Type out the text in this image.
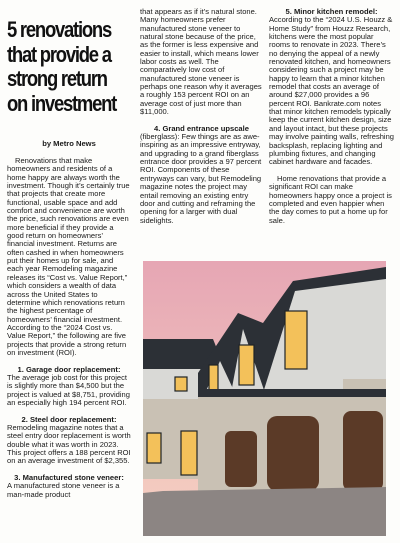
5 renovations
that provide a
strong return
on investment
by Metro News

Renovations that make homeowners and residents of a home happy are always worth the investment. Though it’s certainly true that projects that create more functional, usable space and add comfort and convenience are worth the price, such renovations are even more beneficial if they provide a good return on homeowners’ financial investment. Returns are often cashed in when homeowners put their homes up for sale, and each year Remodeling magazine releases its “Cost vs. Value Report,” which considers a wealth of data across the United States to determine which renovations return the highest percentage of homeowners’ financial investment. According to the “2024 Cost vs. Value Report,” the following are five projects that provide a strong return on investment (ROI).

1. Garage door replacement:

The average job cost for this project is slightly more than $4,500 but the project is valued at $8,751, providing an especially high 194 percent ROI.

2. Steel door replacement:

Remodeling magazine notes that a steel entry door replacement is worth double what it was worth in 2023. This project offers a 188 percent ROI on an average investment of $2,355.

3. Manufactured stone veneer:

A manufactured stone veneer is a man-made product

that appears as if it’s natural stone. Many homeowners prefer manufactured stone veneer to natural stone because of the price, as the former is less expensive and easier to install, which means lower labor costs as well. The comparatively low cost of manufactured stone veneer is perhaps one reason why it averages a roughly 153 percent ROI on an average cost of just more than $11,000.

4. Grand entrance upscale

(fiberglass): Few things are as awe-inspiring as an impressive entryway, and upgrading to a grand fiberglass entrance door provides a 97 percent ROI. Components of these entryways can vary, but Remodeling magazine notes the project may entail removing an existing entry door and cutting and reframing the opening for a larger with dual sidelights.

5. Minor kitchen remodel:

According to the “2024 U.S. Houzz & Home Study” from Houzz Research, kitchens were the most popular rooms to renovate in 2023. There’s no denying the appeal of a newly renovated kitchen, and homeowners considering such a project may be happy to learn that a minor kitchen remodel that costs an average of around $27,000 provides a 96 percent ROI. Bankrate.com notes that minor kitchen remodels typically keep the current kitchen design, size and layout intact, but these projects may involve painting walls, refreshing backsplash, replacing lighting and plumbing fixtures, and changing cabinet hardware and facades.

Home renovations that provide a significant ROI can make homeowners happy once a project is completed and even happier when the day comes to put a home up for sale.
